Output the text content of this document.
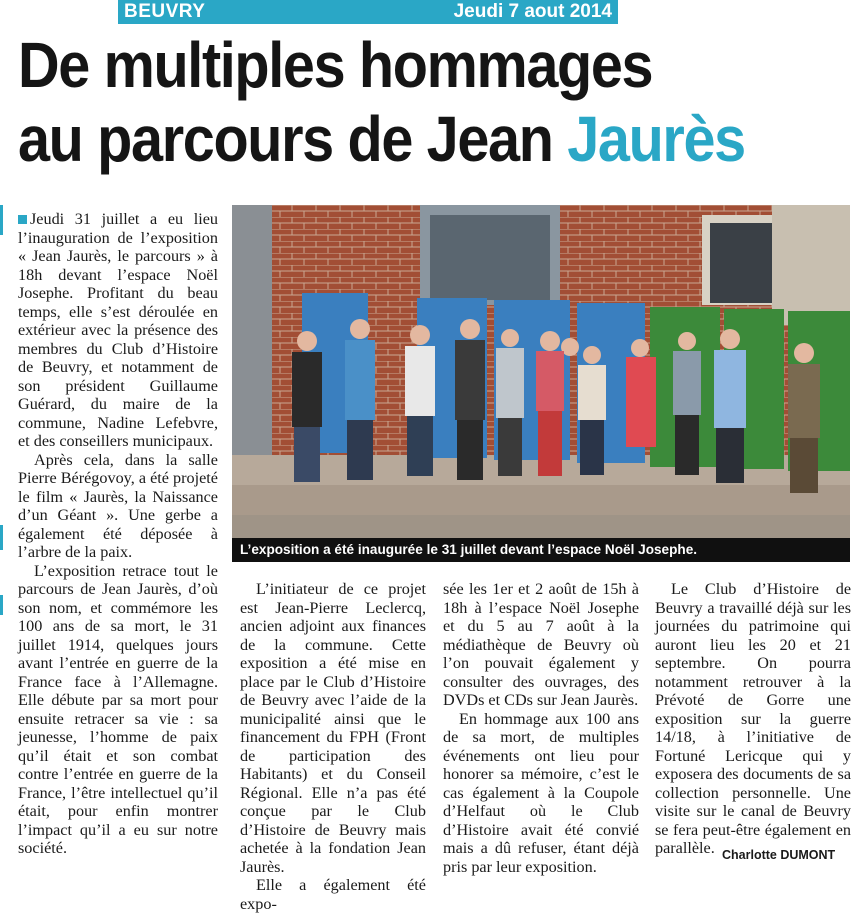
BEUVRY	Jeudi 7 aout 2014
De multiples hommages
au parcours de Jean Jaurès

Jeudi 31 juillet a eu lieu l’inauguration de l’exposition « Jean Jaurès, le parcours » à 18h devant l’espace Noël Josephe. Profitant du beau temps, elle s’est déroulée en extérieur avec la présence des membres du Club d’Histoire de Beuvry, et notamment de son président Guillaume Guérard, du maire de la commune, Nadine Lefebvre, et des conseillers municipaux.

Après cela, dans la salle Pierre Bérégovoy, a été projeté le film « Jaurès, la Naissance d’un Géant ». Une gerbe a également été déposée à l’arbre de la paix.

L’exposition retrace tout le parcours de Jean Jaurès, d’où son nom, et commémore les 100 ans de sa mort, le 31 juillet 1914, quelques jours avant l’entrée en guerre de la France face à l’Allemagne. Elle débute par sa mort pour ensuite retracer sa vie : sa jeunesse, l’homme de paix qu’il était et son combat contre l’entrée en guerre de la France, l’être intellectuel qu’il était, pour enfin montrer l’impact qu’il a eu sur notre société.

L’exposition a été inaugurée le 31 juillet devant l’espace Noël Josephe.

L’initiateur de ce projet est Jean-Pierre Leclercq, ancien adjoint aux finances de la commune. Cette exposition a été mise en place par le Club d’Histoire de Beuvry avec l’aide de la municipalité ainsi que le financement du FPH (Front de participation des Habitants) et du Conseil Régional. Elle n’a pas été conçue par le Club d’Histoire de Beuvry mais achetée à la fondation Jean Jaurès.

Elle a également été expo-

sée les 1er et 2 août de 15h à 18h à l’espace Noël Josephe et du 5 au 7 août à la médiathèque de Beuvry où l’on pouvait également y consulter des ouvrages, des DVDs et CDs sur Jean Jaurès.

En hommage aux 100 ans de sa mort, de multiples événements ont lieu pour honorer sa mémoire, c’est le cas également à la Coupole d’Helfaut où le Club d’Histoire avait été convié mais a dû refuser, étant déjà pris par leur exposition.

Le Club d’Histoire de Beuvry a travaillé déjà sur les journées du patrimoine qui auront lieu les 20 et 21 septembre. On pourra notamment retrouver à la Prévoté de Gorre une exposition sur la guerre 14/18, à l’initiative de Fortuné Lericque qui y exposera des documents de sa collection personnelle. Une visite sur le canal de Beuvry se fera peut-être également en parallèle. Charlotte DUMONT
